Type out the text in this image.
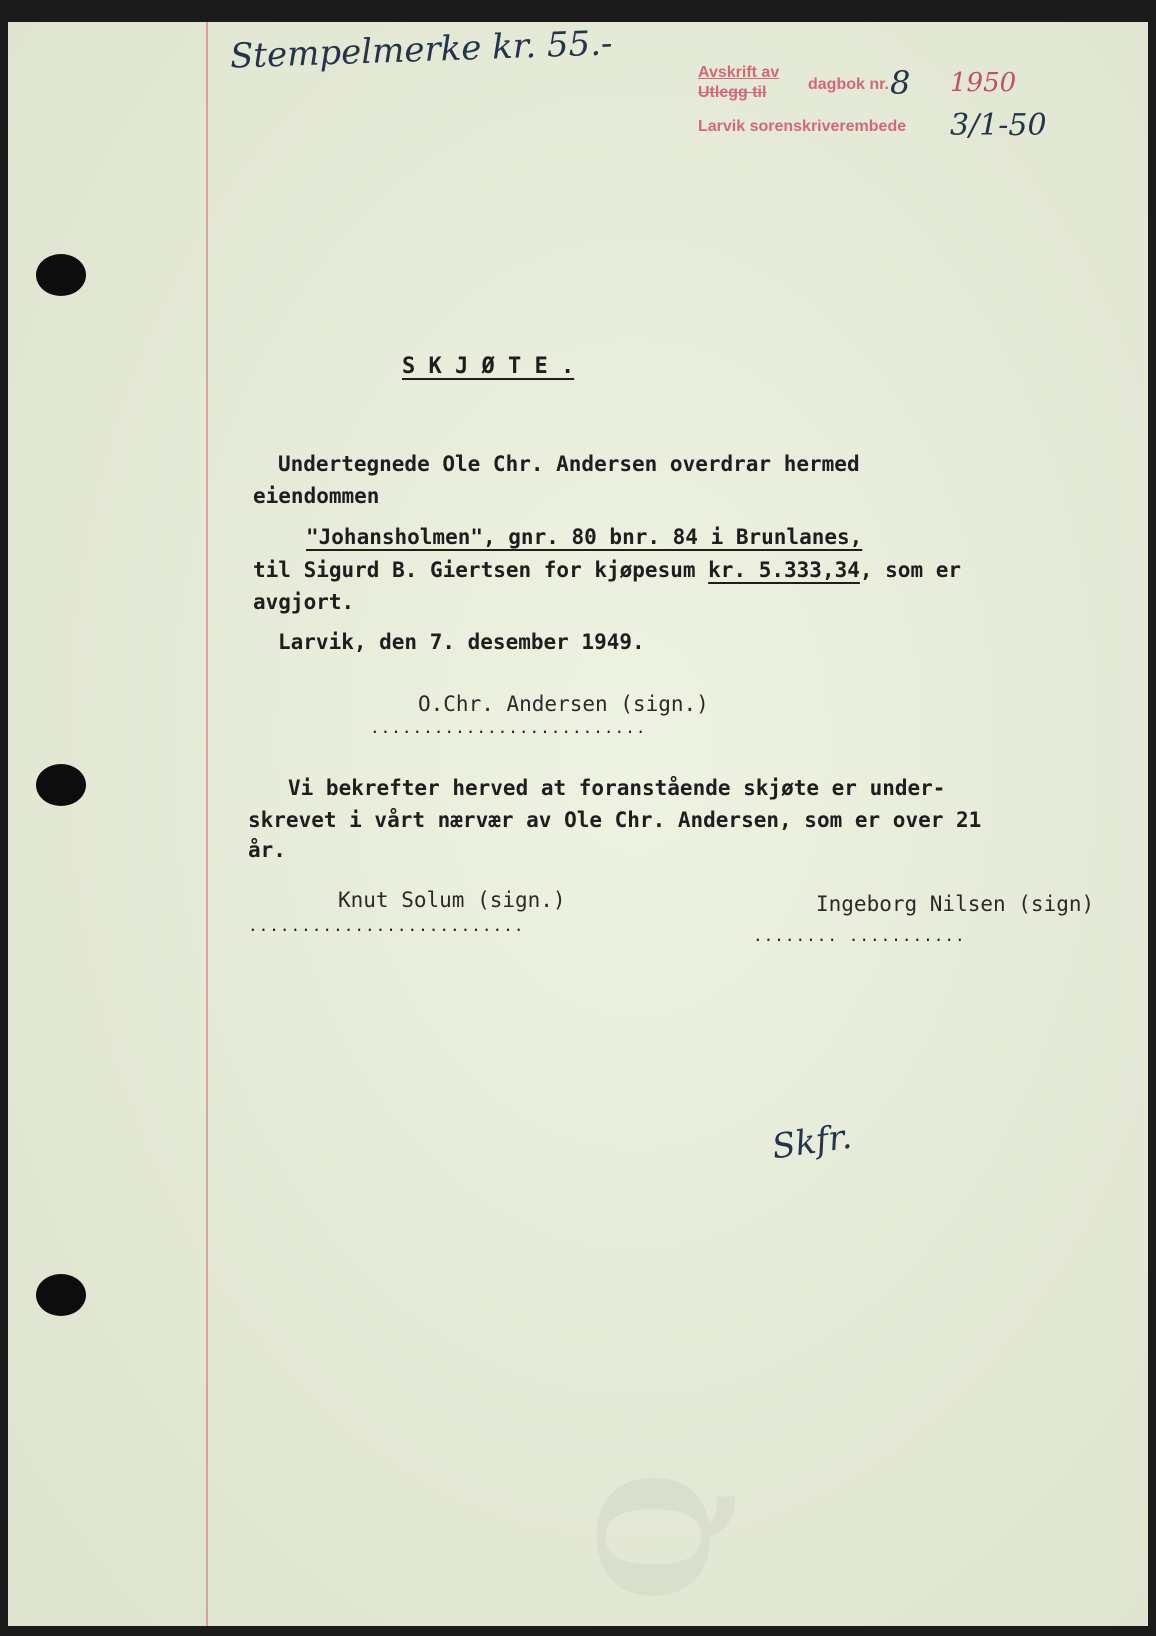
Q
Stempelmerke kr. 55.-	Avskrift av
Utlegg til	dagbok nr. 8 1950
Larvik sorenskriverembede 3/1-50
S K J Ø T E .
Undertegnede Ole Chr. Andersen overdrar hermed
eiendommen
"Johansholmen", gnr. 80 bnr. 84 i Brunlanes,
til Sigurd B. Giertsen for kjøpesum kr. 5.333,34, som er
avgjort.
Larvik, den 7. desember 1949.
O.Chr. Andersen (sign.)
..........................
Vi bekrefter herved at foranstående skjøte er under-
skrevet i vårt nærvær av Ole Chr. Andersen, som er over 21
år.
Knut Solum (sign.)
..........................
Ingeborg Nilsen (sign)
........ ...........
Skfr.
